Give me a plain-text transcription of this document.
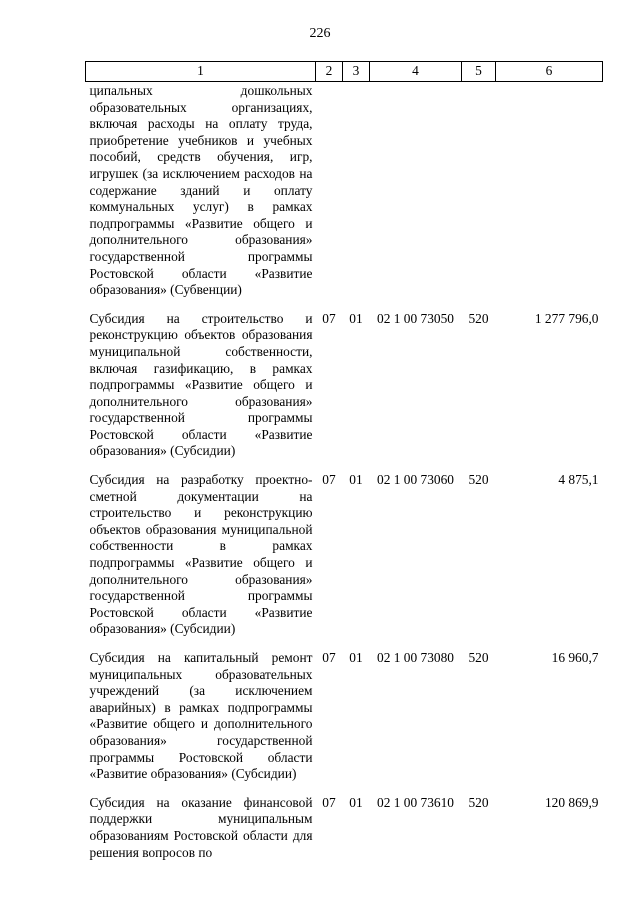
226
1	2	3	4	5	6
ципальных дошкольных образовательных организациях, включая расходы на оплату труда, приобретение учебников и учебных пособий, средств обучения, игр, игрушек (за исключением расходов на содержание зданий и оплату коммунальных услуг) в рамках подпрограммы «Развитие общего и дополнительного образования» государственной программы Ростовской области «Развитие образования» (Субвенции)					

Субсидия на строительство и реконструкцию объектов образования муниципальной собственности, включая газификацию, в рамках подпрограммы «Развитие общего и дополнительного образования» государственной программы Ростовской области «Развитие образования» (Субсидии)	07	01	02 1 00 73050	520	1 277 796,0

Субсидия на разработку проектно-сметной документации на строительство и реконструкцию объектов образования муниципальной собственности в рамках подпрограммы «Развитие общего и дополнительного образования» государственной программы Ростовской области «Развитие образования» (Субсидии)	07	01	02 1 00 73060	520	4 875,1

Субсидия на капитальный ремонт муниципальных образовательных учреждений (за исключением аварийных) в рамках подпрограммы «Развитие общего и дополнительного образования» государственной программы Ростовской области «Развитие образования» (Субсидии)	07	01	02 1 00 73080	520	16 960,7

Субсидия на оказание финансовой поддержки муниципальным образованиям Ростовской области для решения вопросов по	07	01	02 1 00 73610	520	120 869,9
